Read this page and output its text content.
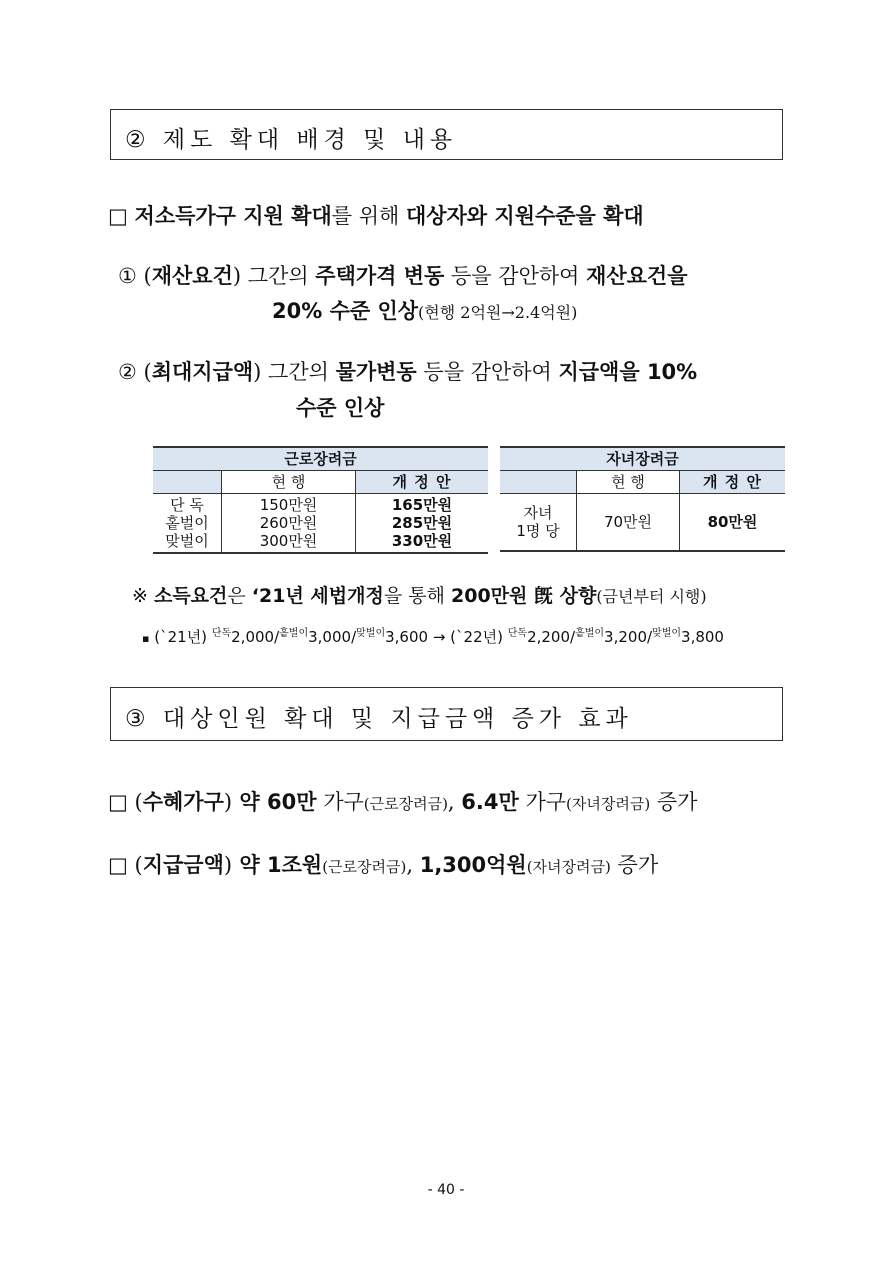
② 제도 확대 배경 및 내용
□ 저소득가구 지원 확대를 위해 대상자와 지원수준을 확대
① (재산요건) 그간의 주택가격 변동 등을 감안하여 재산요건을
20% 수준 인상(현행 2억원→2.4억원)
② (최대지급액) 그간의 물가변동 등을 감안하여 지급액을 10%
수준 인상
근로장려금		
	현 행	개 정 안
단 독	150만원	165만원
홑벌이	260만원	285만원
맞벌이	300만원	330만원
자녀장려금		
	현 행	개 정 안

자녀
1명 당	70만원	80만원
※ 소득요건은 ‘21년 세법개정을 통해 200만원 旣 상향(금년부터 시행)
▪ (`21년) $^{단독}$2,000/$^{홑벌이}$3,000/$^{맞벌이}$3,600 → (`22년) $^{단독}$2,200/$^{홑벌이}$3,200/$^{맞벌이}$3,800
③ 대상인원 확대 및 지급금액 증가 효과
□ (수혜가구) 약 60만 가구(근로장려금), 6.4만 가구(자녀장려금) 증가
□ (지급금액) 약 1조원(근로장려금), 1,300억원(자녀장려금) 증가
- 40 -
